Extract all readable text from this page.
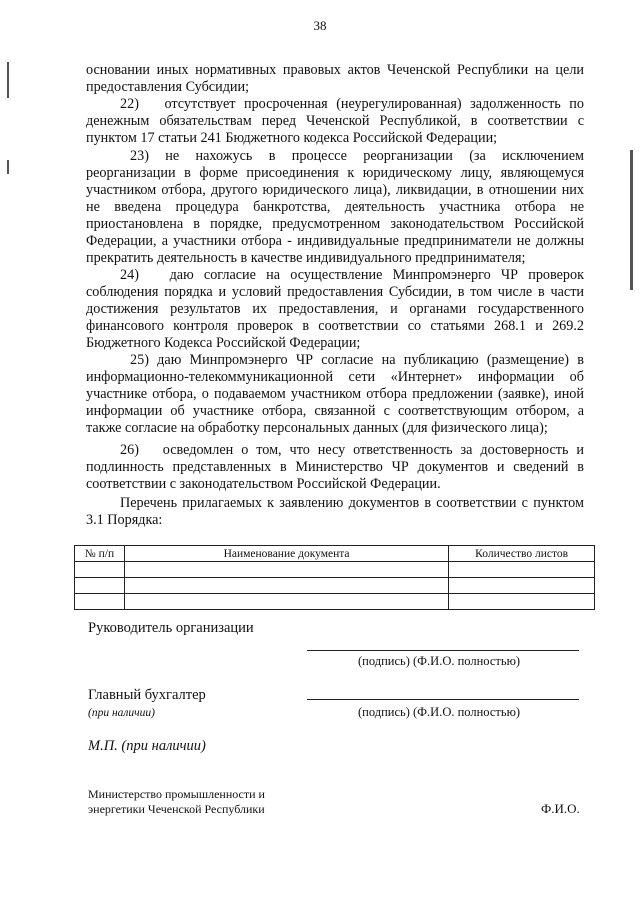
38
основании иных нормативных правовых актов Чеченской Республики на цели предоставления Субсидии;
22)   отсутствует просроченная (неурегулированная) задолженность по денежным обязательствам перед Чеченской Республикой, в соответствии с пунктом 17 статьи 241 Бюджетного кодекса Российской Федерации;
23) не нахожусь в процессе реорганизации (за исключением реорганизации в форме присоединения к юридическому лицу, являющемуся участником отбора, другого юридического лица), ликвидации, в отношении них не введена процедура банкротства, деятельность участника отбора не приостановлена в порядке, предусмотренном законодательством Российской Федерации, а участники отбора - индивидуальные предприниматели не должны прекратить деятельность в качестве индивидуального предпринимателя;
24)   даю согласие на осуществление Минпромэнерго ЧР проверок соблюдения порядка и условий предоставления Субсидии, в том числе в части достижения результатов их предоставления, и органами государственного финансового контроля проверок в соответствии со статьями 268.1 и 269.2 Бюджетного Кодекса Российской Федерации;
25) даю Минпромэнерго ЧР согласие на публикацию (размещение) в информационно-телекоммуникационной сети «Интернет» информации об участнике отбора, о подаваемом участником отбора предложении (заявке), иной информации об участнике отбора, связанной с соответствующим отбором, а также согласие на обработку персональных данных (для физического лица);
26)   осведомлен о том, что несу ответственность за достоверность и подлинность представленных в Министерство ЧР документов и сведений в соответствии с законодательством Российской Федерации.
Перечень прилагаемых к заявлению документов в соответствии с пунктом 3.1 Порядка:
№ п/п	Наименование документа	Количество листов

Руководитель организации
(подпись) (Ф.И.О. полностью)
Главный бухгалтер
(при наличии)	(подпись) (Ф.И.О. полностью)
М.П. (при наличии)
Министерство промышленности и
энергетики Чеченской Республики	Ф.И.О.
